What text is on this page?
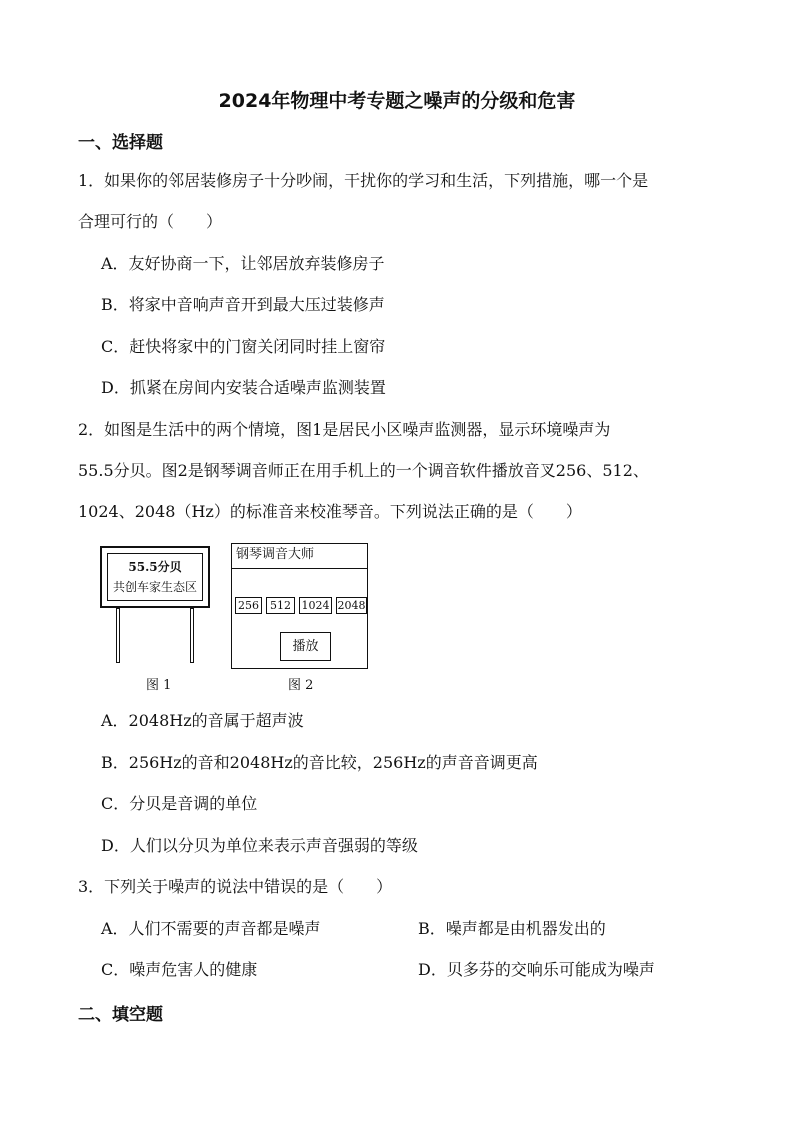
2024年物理中考专题之噪声的分级和危害
一、选择题
1．如果你的邻居装修房子十分吵闹，干扰你的学习和生活，下列措施，哪一个是
合理可行的（　　）
A．友好协商一下，让邻居放弃装修房子
B．将家中音响声音开到最大压过装修声
C．赶快将家中的门窗关闭同时挂上窗帘
D．抓紧在房间内安装合适噪声监测装置
2．如图是生活中的两个情境，图1是居民小区噪声监测器，显示环境噪声为
55.5分贝。图2是钢琴调音师正在用手机上的一个调音软件播放音叉256、512、
1024、2048（Hz）的标准音来校准琴音。下列说法正确的是（　　）
55.5分贝
共创车家生态区
图 1
钢琴调音大师
256	512 1024 2048
播放
图 2
A．2048Hz的音属于超声波
B．256Hz的音和2048Hz的音比较，256Hz的声音音调更高
C．分贝是音调的单位
D．人们以分贝为单位来表示声音强弱的等级
3．下列关于噪声的说法中错误的是（　　）
A．人们不需要的声音都是噪声	B．噪声都是由机器发出的
C．噪声危害人的健康	D．贝多芬的交响乐可能成为噪声
二、填空题
